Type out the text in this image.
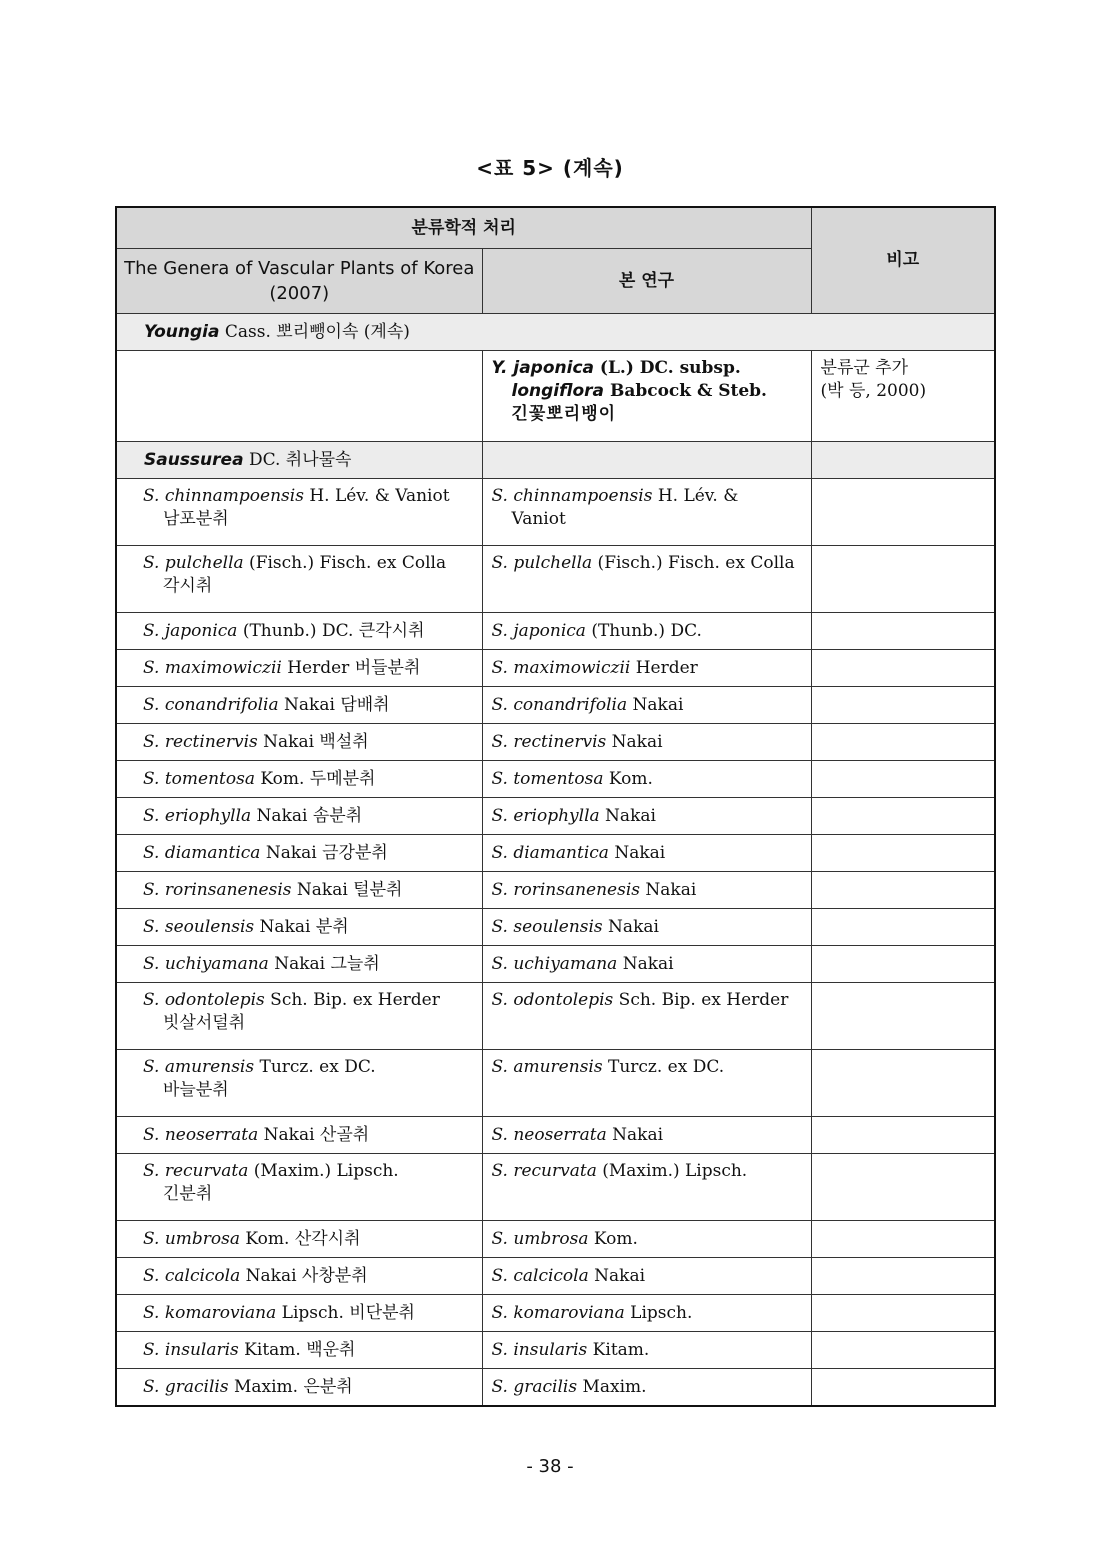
<표 5> (계속)
분류학적 처리		비고
The Genera of Vascular Plants of Korea (2007)	본 연구	
Youngia Cass. 뽀리뺑이속 (계속)		
	Y. japonica (L.) DC. subsp.
longiflora Babcock & Steb.
긴꽃뽀리뱅이	분류군 추가
(박 등, 2000)

Saussurea DC. 취나물속		
S. chinnampoensis H. Lév. & Vaniot
남포분취	S. chinnampoensis H. Lév. &
Vaniot	

S. pulchella (Fisch.) Fisch. ex Colla
각시취	S. pulchella (Fisch.) Fisch. ex Colla	
S. japonica (Thunb.) DC. 큰각시취	S. japonica (Thunb.) DC.	
S. maximowiczii Herder 버들분취	S. maximowiczii Herder	
S. conandrifolia Nakai 담배취	S. conandrifolia Nakai	
S. rectinervis Nakai 백설취	S. rectinervis Nakai	
S. tomentosa Kom. 두메분취	S. tomentosa Kom.	
S. eriophylla Nakai 솜분취	S. eriophylla Nakai	
S. diamantica Nakai 금강분취	S. diamantica Nakai	
S. rorinsanenesis Nakai 털분취	S. rorinsanenesis Nakai	
S. seoulensis Nakai 분취	S. seoulensis Nakai	
S. uchiyamana Nakai 그늘취	S. uchiyamana Nakai	
S. odontolepis Sch. Bip. ex Herder
빗살서덜취	S. odontolepis Sch. Bip. ex Herder	
S. amurensis Turcz. ex DC.
바늘분취	S. amurensis Turcz. ex DC.	
S. neoserrata Nakai 산골취	S. neoserrata Nakai	
S. recurvata (Maxim.) Lipsch.
긴분취	S. recurvata (Maxim.) Lipsch.	
S. umbrosa Kom. 산각시취	S. umbrosa Kom.	
S. calcicola Nakai 사창분취	S. calcicola Nakai	
S. komaroviana Lipsch. 비단분취	S. komaroviana Lipsch.	
S. insularis Kitam. 백운취	S. insularis Kitam.	
S. gracilis Maxim. 은분취	S. gracilis Maxim.	
- 38 -
